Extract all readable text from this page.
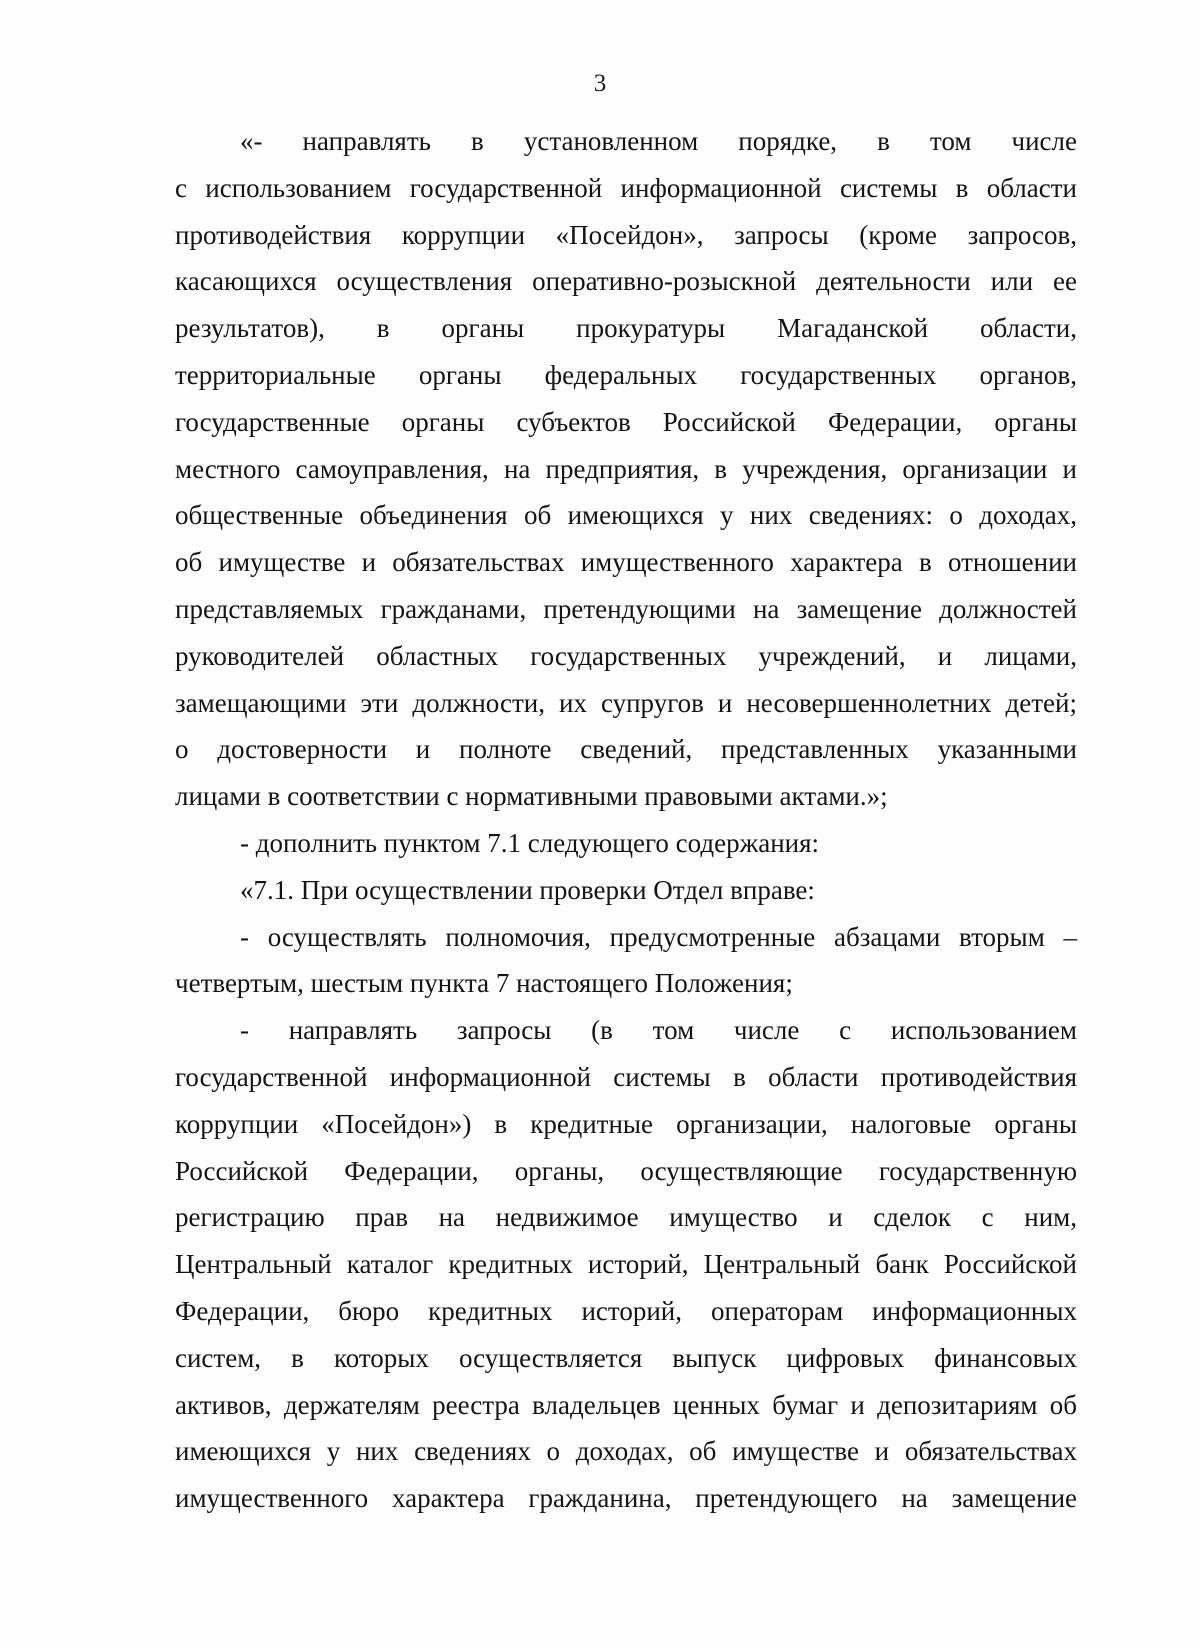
3
«- направлять в установленном порядке, в том числе
с использованием государственной информационной системы в области
противодействия коррупции «Посейдон», запросы (кроме запросов,
касающихся осуществления оперативно-розыскной деятельности или ее
результатов), в органы прокуратуры Магаданской области,
территориальные органы федеральных государственных органов,
государственные органы субъектов Российской Федерации, органы
местного самоуправления, на предприятия, в учреждения, организации и
общественные объединения об имеющихся у них сведениях: о доходах,
об имуществе и обязательствах имущественного характера в отношении
представляемых гражданами, претендующими на замещение должностей
руководителей областных государственных учреждений, и лицами,
замещающими эти должности, их супругов и несовершеннолетних детей;
о достоверности и полноте сведений, представленных указанными
лицами в соответствии с нормативными правовыми актами.»;
- дополнить пунктом 7.1 следующего содержания:
«7.1. При осуществлении проверки Отдел вправе:
- осуществлять полномочия, предусмотренные абзацами вторым –
четвертым, шестым пункта 7 настоящего Положения;
- направлять запросы (в том числе с использованием
государственной информационной системы в области противодействия
коррупции «Посейдон») в кредитные организации, налоговые органы
Российской Федерации, органы, осуществляющие государственную
регистрацию прав на недвижимое имущество и сделок с ним,
Центральный каталог кредитных историй, Центральный банк Российской
Федерации, бюро кредитных историй, операторам информационных
систем, в которых осуществляется выпуск цифровых финансовых
активов, держателям реестра владельцев ценных бумаг и депозитариям об
имеющихся у них сведениях о доходах, об имуществе и обязательствах
имущественного характера гражданина, претендующего на замещение
